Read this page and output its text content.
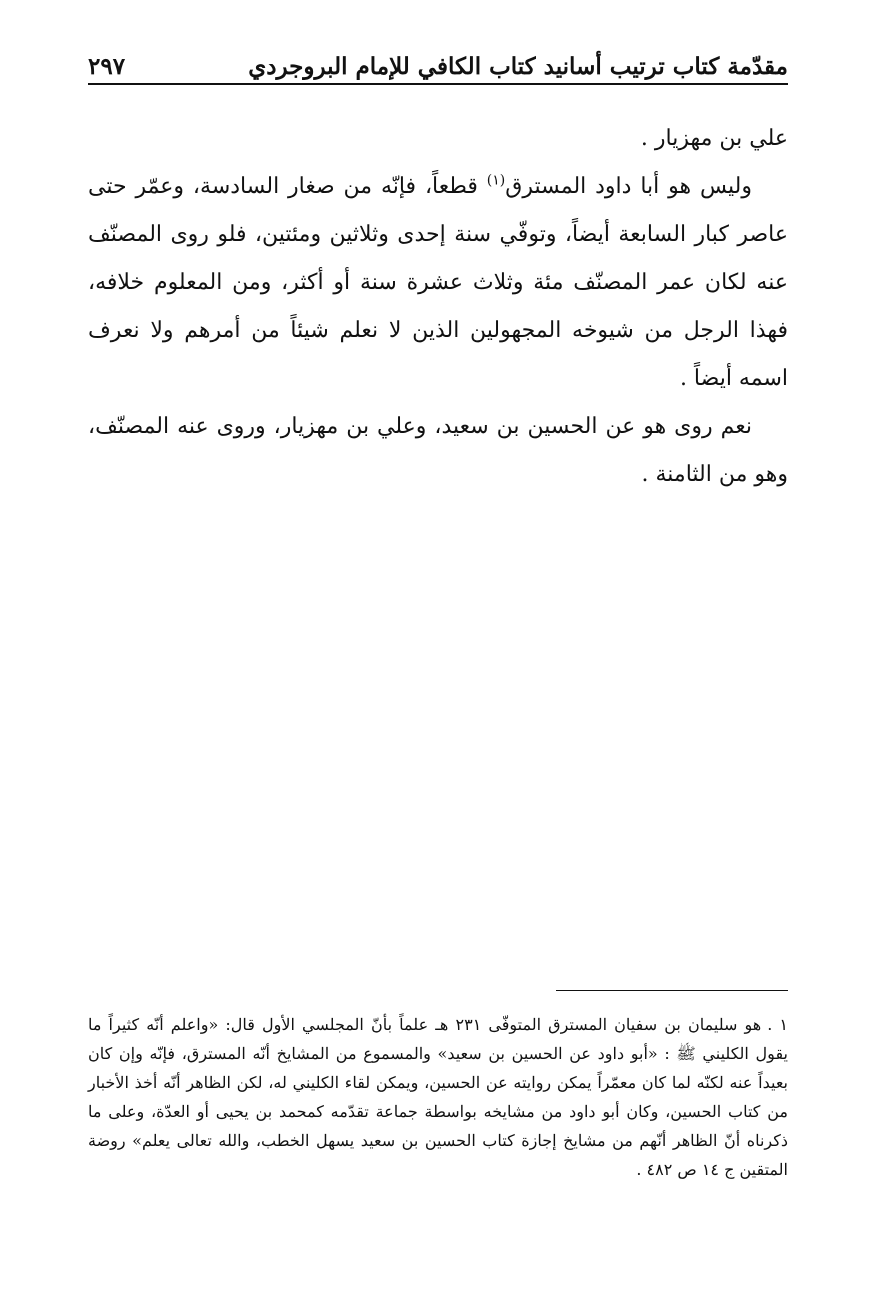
مقدّمة كتاب ترتيب أسانيد كتاب الكافي للإمام البروجردي
٢٩٧

علي بن مهزيار .

وليس هو أبا داود المسترق$^{(١)}$ قطعاً، فإنّه من صغار السادسة، وعمّر حتى عاصر كبار السابعة أيضاً، وتوفّي سنة إحدى وثلاثين ومئتين، فلو روى المصنّف عنه لكان عمر المصنّف مئة وثلاث عشرة سنة أو أكثر، ومن المعلوم خلافه، فهذا الرجل من شيوخه المجهولين الذين لا نعلم شيئاً من أمرهم ولا نعرف اسمه أيضاً .

نعم روى هو عن الحسين بن سعيد، وعلي بن مهزيار، وروى عنه المصنّف، وهو من الثامنة .

١ .هو سليمان بن سفيان المسترق المتوفّى ٢٣١ هـ علماً بأنّ المجلسي الأول قال: «واعلم أنّه كثيراً ما يقول الكليني ﷺ : «أبو داود عن الحسين بن سعيد» والمسموع من المشايخ أنّه المسترق، فإنّه وإن كان بعيداً عنه لكنّه لما كان معمّراً يمكن روايته عن الحسين، ويمكن لقاء الكليني له، لكن الظاهر أنّه أخذ الأخبار من كتاب الحسين، وكان أبو داود من مشايخه بواسطة جماعة تقدّمه كمحمد بن يحيى أو العدّة، وعلى ما ذكرناه أنّ الظاهر أنّهم من مشايخ إجازة كتاب الحسين بن سعيد يسهل الخطب، والله تعالى يعلم» روضة المتقين ج ١٤ ص ٤٨٢ .
